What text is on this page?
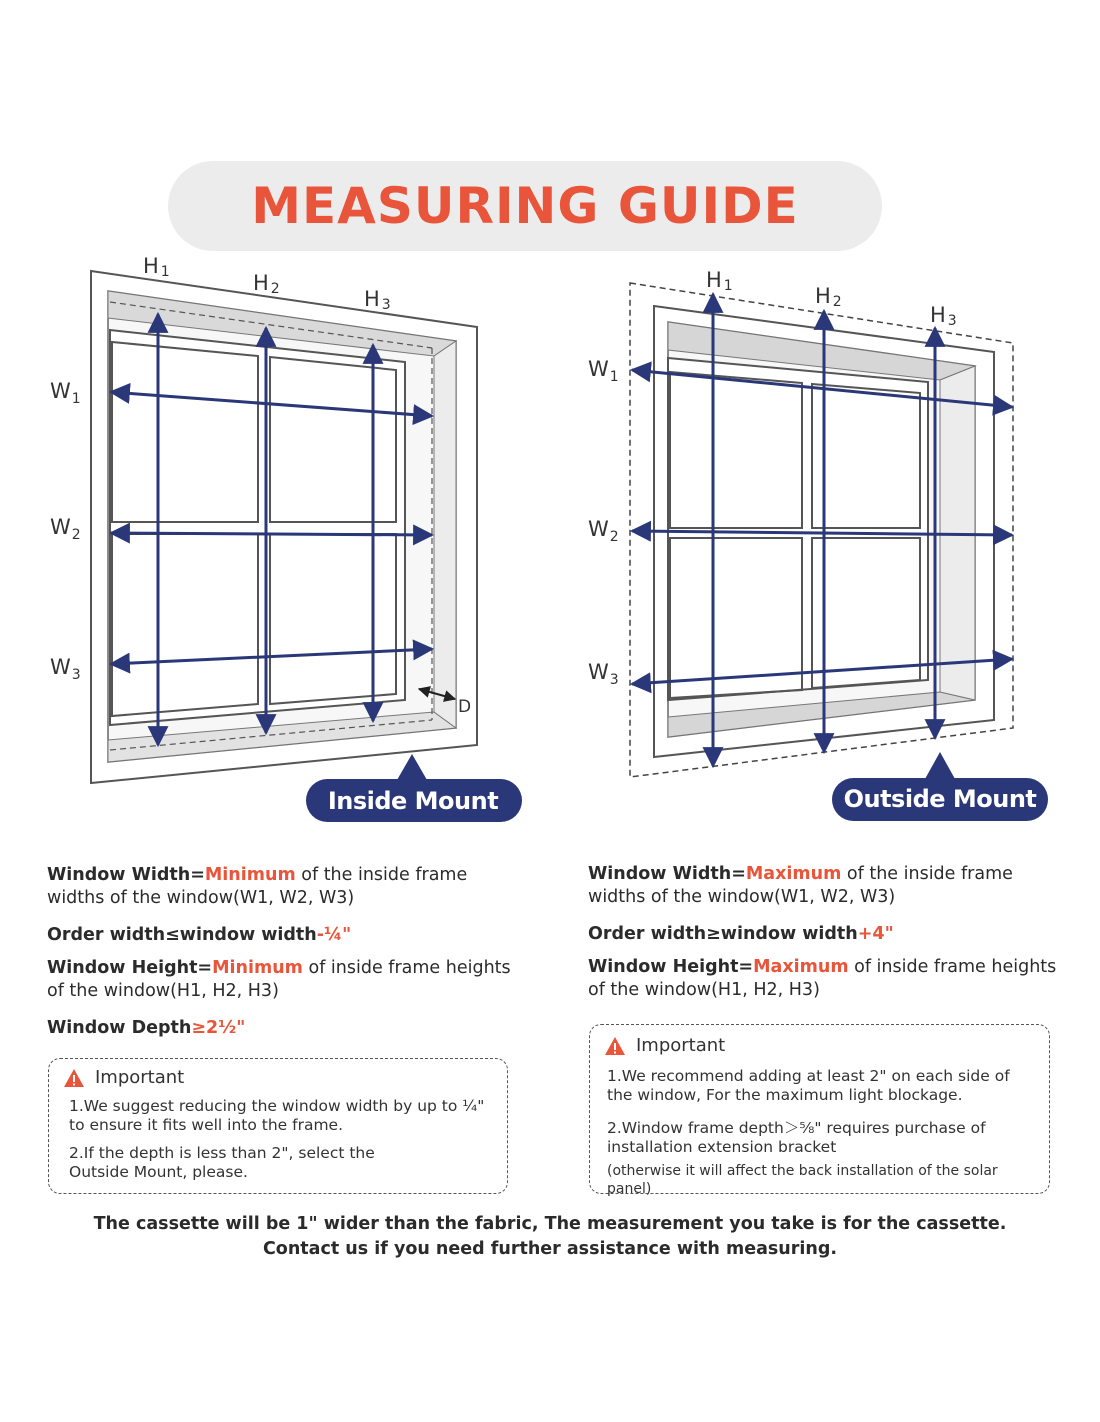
MEASURING GUIDE
H 1	H 2	H 3
$W_1$
$W_2$
$W_3$
D
Inside Mount
H 1	H 2
H 3
$W_1$
$W_2$
$W_3$
Outside Mount

Window Width=Minimum of the inside frame widths of the window(W1, W2, W3)

Order width≤window width-¼"

Window Height=Minimum of inside frame heights of the window(H1, H2, H3)

Window Depth≥2½"

Important
1.We suggest reducing the window width by up to ¼" to ensure it fits well into the frame.
2.If the depth is less than 2", select the Outside Mount, please.

Window Width=Maximum of the inside frame widths of the window(W1, W2, W3)

Order width≥window width+4"

Window Height=Maximum of inside frame heights of the window(H1, H2, H3)

Important
1.We recommend adding at least 2" on each side of the window, For the maximum light blockage.
2.Window frame depth＞⅝" requires purchase of installation extension bracket
(otherwise it will affect the back installation of the solar panel)
The cassette will be 1" wider than the fabric, The measurement you take is for the cassette.
Contact us if you need further assistance with measuring.
